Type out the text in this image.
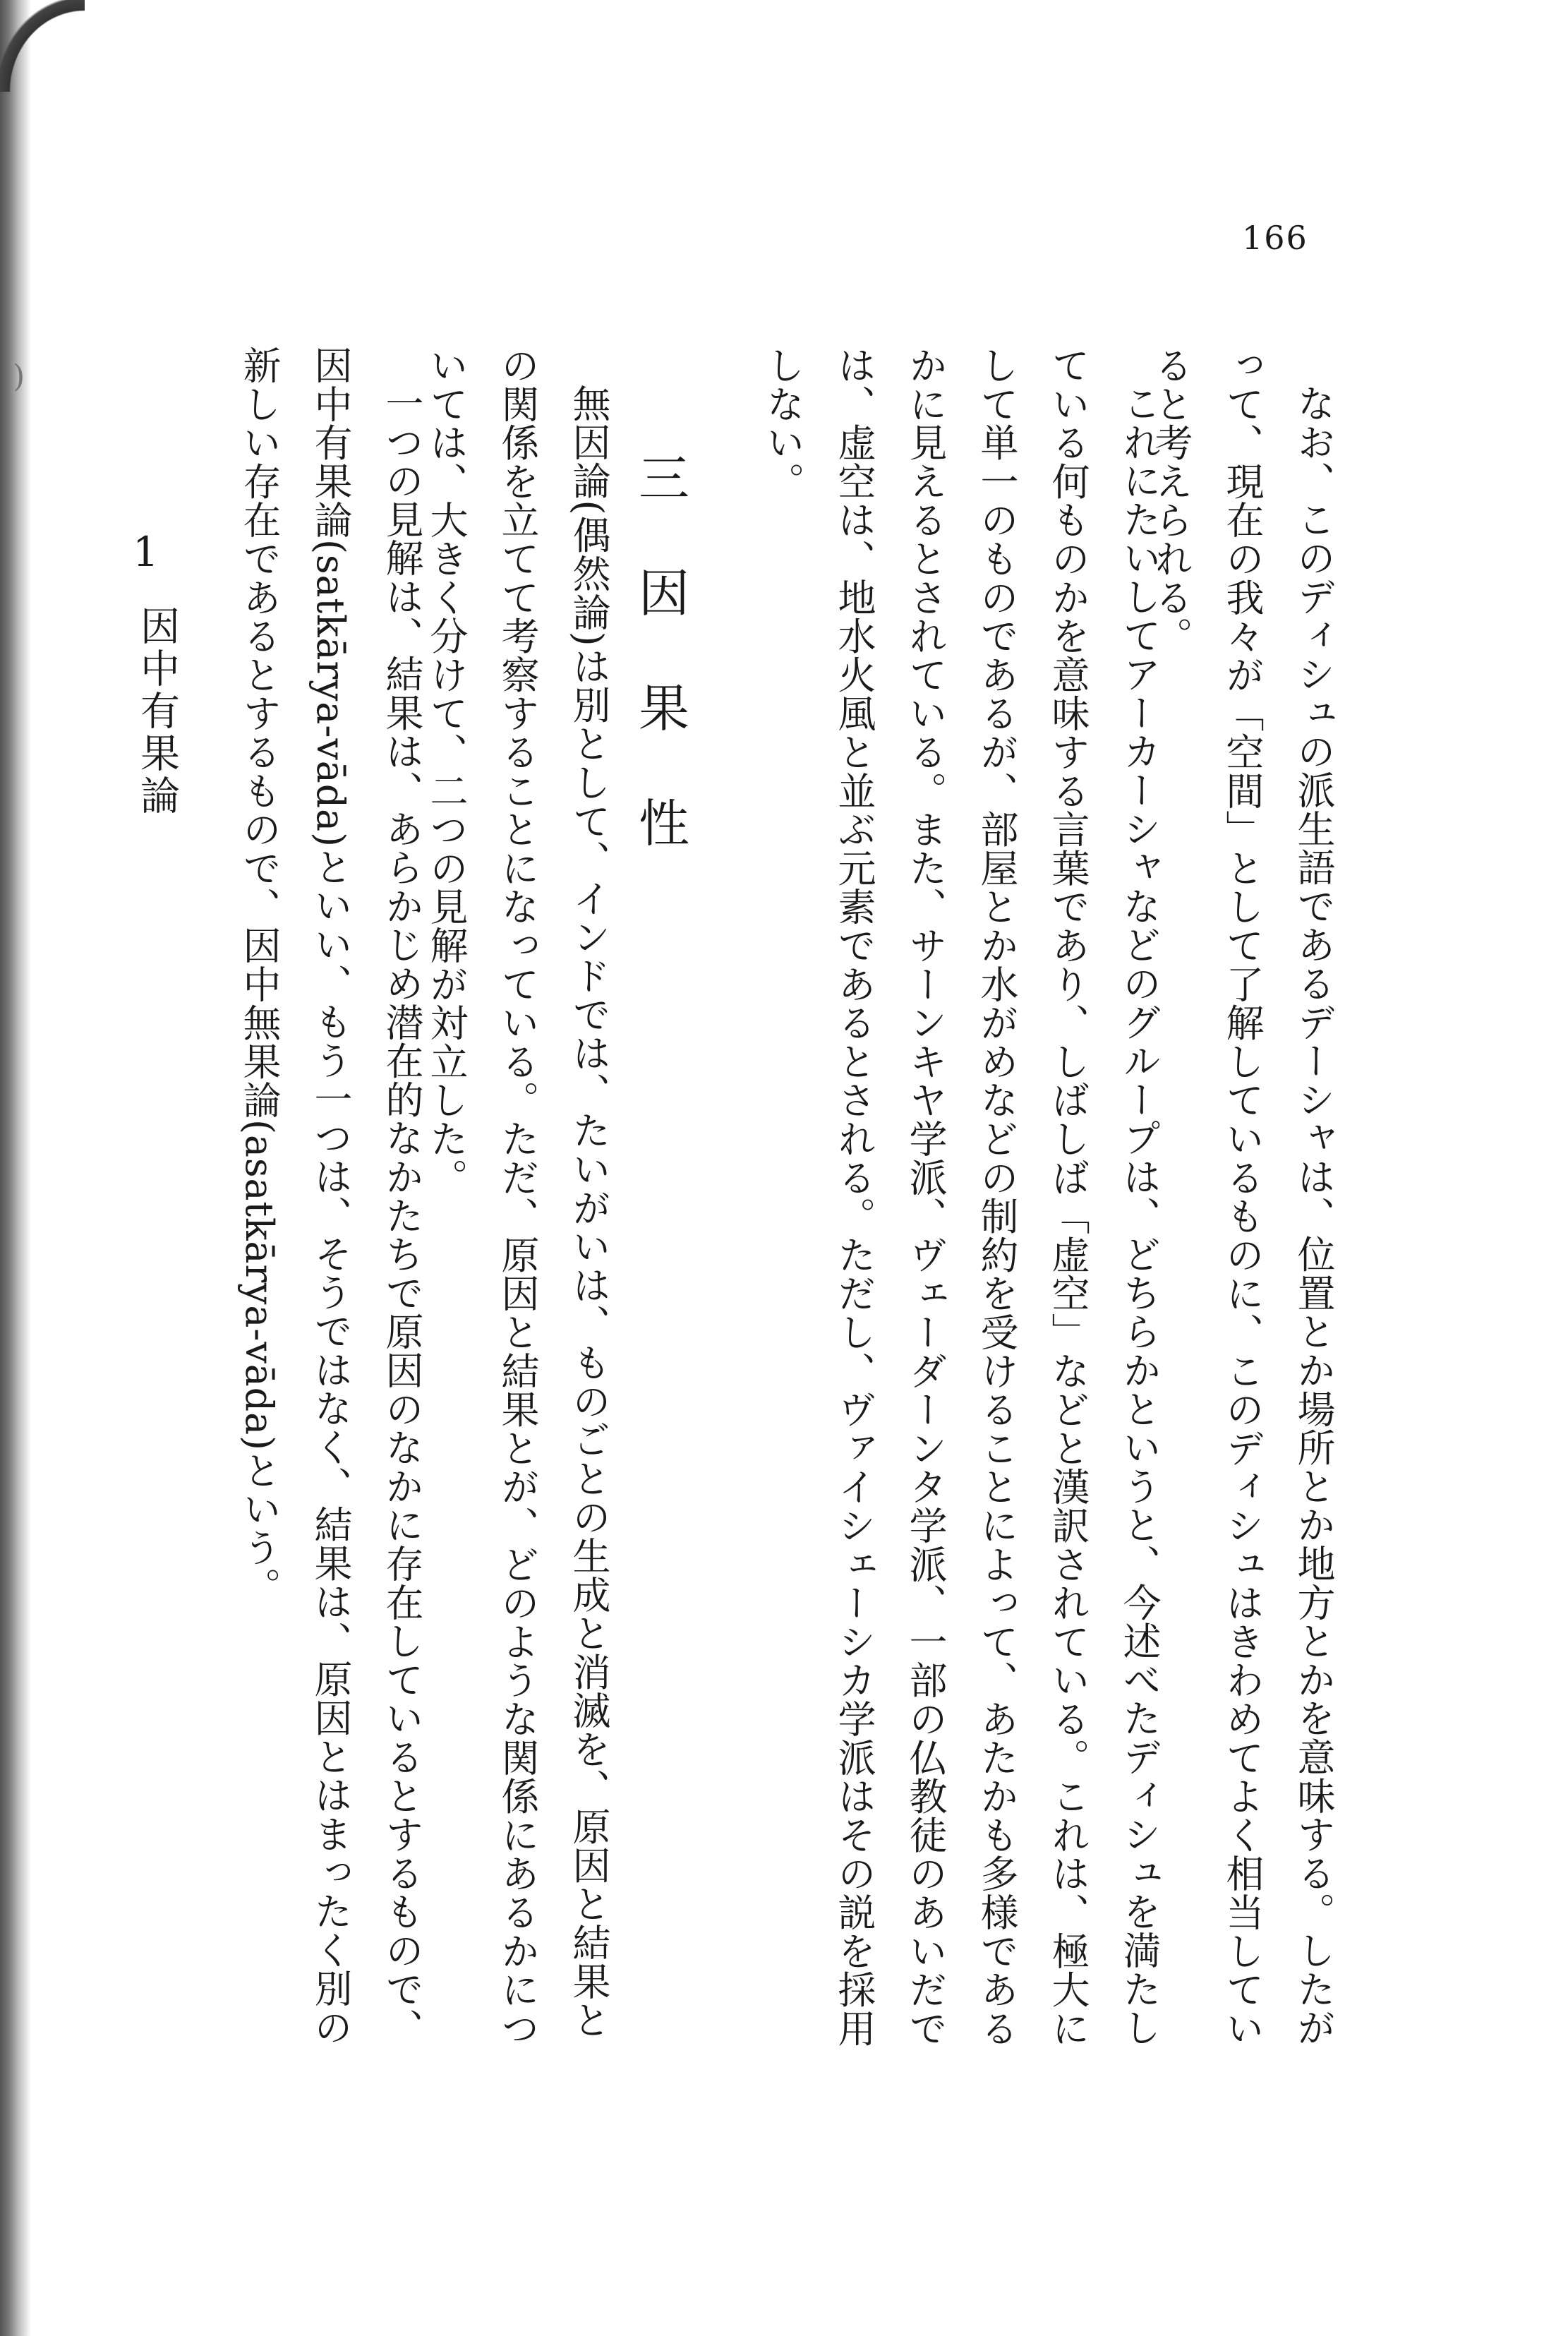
)
166
なお、このディシュの派生語であるデーシャは、位置とか場所とか地方とかを意味する。したがって、現在の我々が「空間」として了解しているものに、このディシュはきわめてよく相当していると考えられる。
これにたいしてアーカーシャなどのグループは、どちらかというと、今述べたディシュを満たしている何ものかを意味する言葉であり、しばしば「虚空」などと漢訳されている。これは、極大にして単一のものであるが、部屋とか水がめなどの制約を受けることによって、あたかも多様であるかに見えるとされている。また、サーンキヤ学派、ヴェーダーンタ学派、一部の仏教徒のあいだでは、虚空は、地水火風と並ぶ元素であるとされる。ただし、ヴァイシェーシカ学派はその説を採用しない。
三 因 果 性
無因論(偶然論)は別として、インドでは、たいがいは、ものごとの生成と消滅を、原因と結果との関係を立てて考察することになっている。ただ、原因と結果とが、どのような関係にあるかについては、大きく分けて、二つの見解が対立した。
一つの見解は、結果は、あらかじめ潜在的なかたちで原因のなかに存在しているとするもので、因中有果論(satkārya-vāda)といい、もう一つは、そうではなく、結果は、原因とはまったく別の新しい存在であるとするもので、因中無果論(asatkārya-vāda)という。
1
因中有果論
